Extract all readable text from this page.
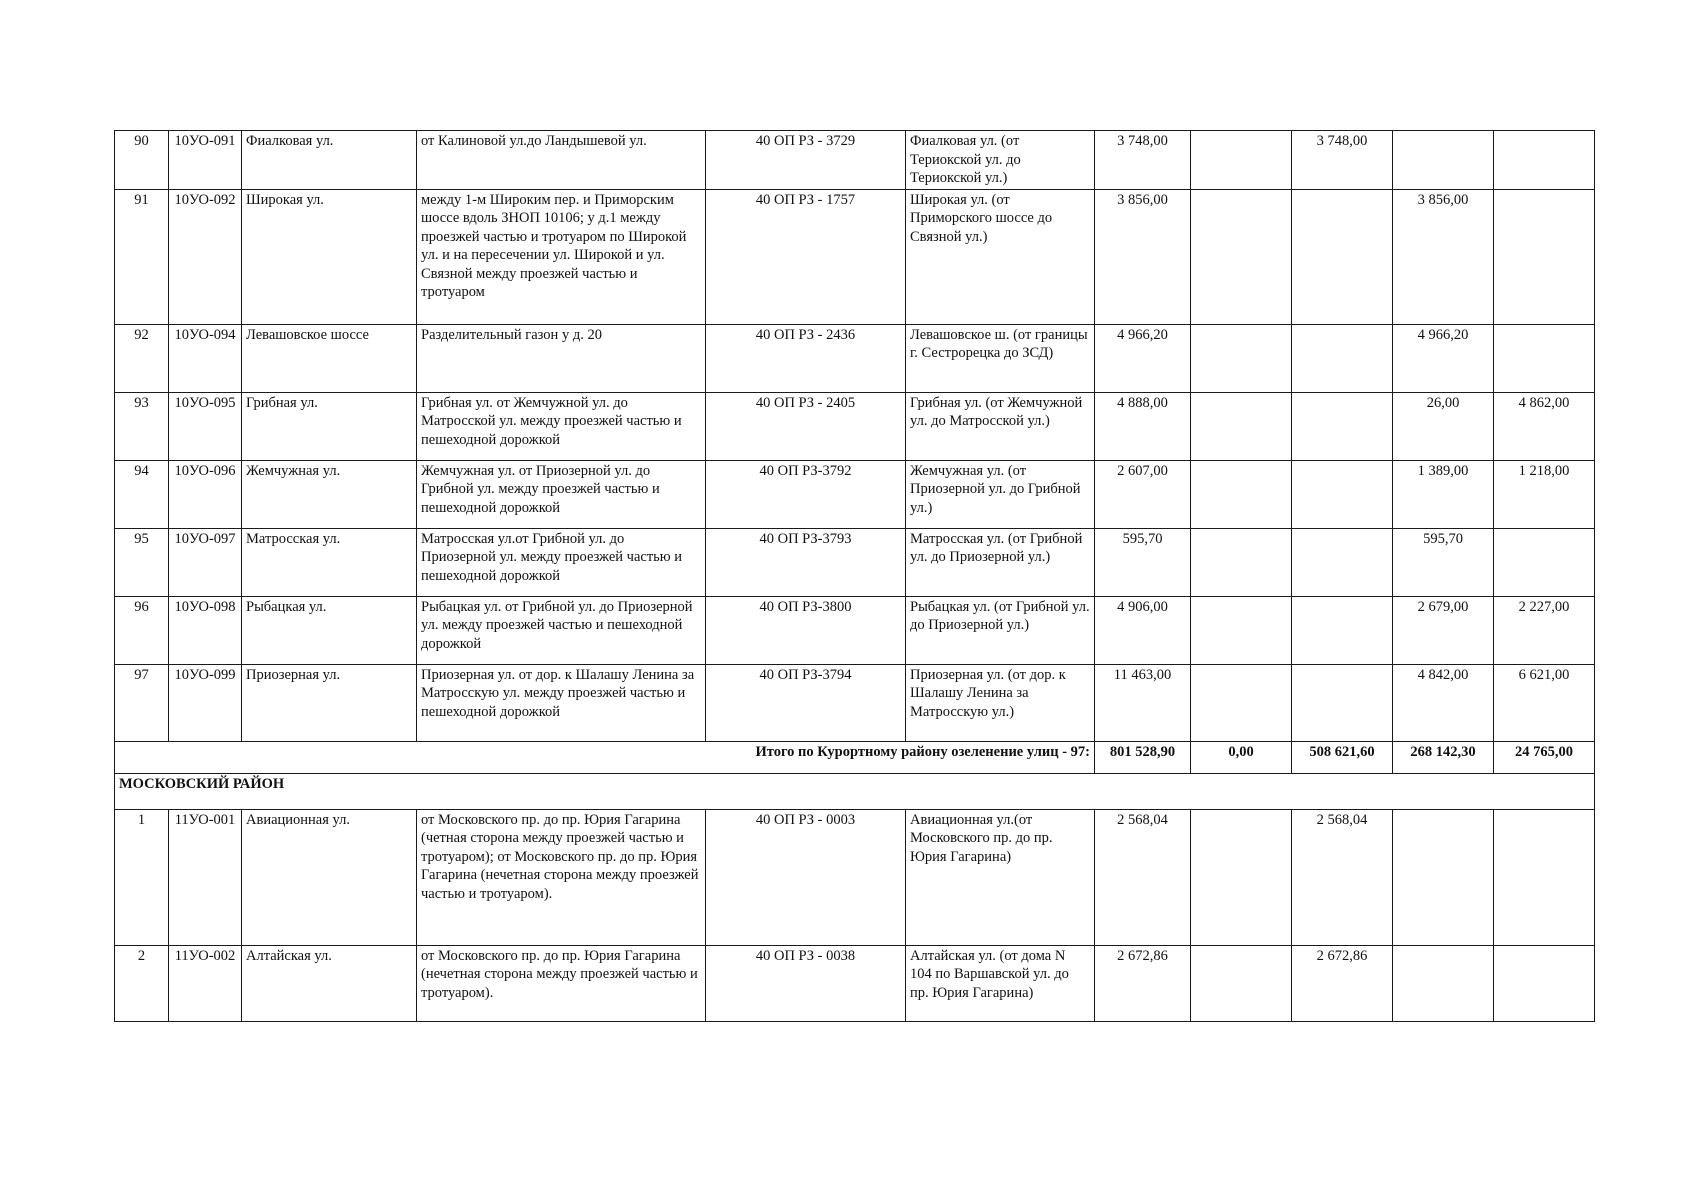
90	10УО-091	Фиалковая ул.	от Калиновой ул.до Ландышевой ул.	40 ОП РЗ - 3729	Фиалковая ул. (от Териокской ул. до Териокской ул.)	3 748,00		3 748,00		
91	10УО-092	Широкая ул.	между 1-м Широким пер. и Приморским шоссе вдоль ЗНОП 10106; у д.1 между проезжей частью и тротуаром по Широкой ул. и на пересечении ул. Широкой и ул. Связной между проезжей частью и тротуаром	40 ОП РЗ - 1757	Широкая ул. (от Приморского шоссе до Связной ул.)	3 856,00			3 856,00	
92	10УО-094	Левашовское шоссе	Разделительный газон у д. 20	40 ОП РЗ - 2436	Левашовское ш. (от границы г. Сестрорецка до ЗСД)	4 966,20			4 966,20	
93	10УО-095	Грибная ул.	Грибная ул. от Жемчужной ул. до Матросской ул. между проезжей частью и пешеходной дорожкой	40 ОП РЗ - 2405	Грибная ул. (от Жемчужной ул. до Матросской ул.)	4 888,00			26,00	4 862,00
94	10УО-096	Жемчужная ул.	Жемчужная ул. от Приозерной ул. до Грибной ул. между проезжей частью и пешеходной дорожкой	40 ОП РЗ-3792	Жемчужная ул. (от Приозерной ул. до Грибной ул.)	2 607,00			1 389,00	1 218,00
95	10УО-097	Матросская ул.	Матросская ул.от Грибной ул. до Приозерной ул. между проезжей частью и пешеходной дорожкой	40 ОП РЗ-3793	Матросская ул. (от Грибной ул. до Приозерной ул.)	595,70			595,70	
96	10УО-098	Рыбацкая ул.	Рыбацкая ул. от Грибной ул. до Приозерной ул. между проезжей частью и пешеходной дорожкой	40 ОП РЗ-3800	Рыбацкая ул. (от Грибной ул. до Приозерной ул.)	4 906,00			2 679,00	2 227,00
97	10УО-099	Приозерная ул.	Приозерная ул. от дор. к Шалашу Ленина за Матросскую ул. между проезжей частью и пешеходной дорожкой	40 ОП РЗ-3794	Приозерная ул. (от дор. к Шалашу Ленина за Матросскую ул.)	11 463,00			4 842,00	6 621,00
Итого по Курортному району озеленение улиц - 97:						801 528,90	0,00	508 621,60	268 142,30	24 765,00
МОСКОВСКИЙ РАЙОН										
1	11УО-001	Авиационная ул.	от Московского пр. до пр. Юрия Гагарина (четная сторона между проезжей частью и тротуаром); от Московского пр. до пр. Юрия Гагарина (нечетная сторона между проезжей частью и тротуаром).	40 ОП РЗ - 0003	Авиационная ул.(от Московского пр. до пр. Юрия Гагарина)	2 568,04		2 568,04		
2	11УО-002	Алтайская ул.	от Московского пр. до пр. Юрия Гагарина (нечетная сторона между проезжей частью и тротуаром).	40 ОП РЗ - 0038	Алтайская ул. (от дома N 104 по Варшавской ул. до пр. Юрия Гагарина)	2 672,86		2 672,86		
